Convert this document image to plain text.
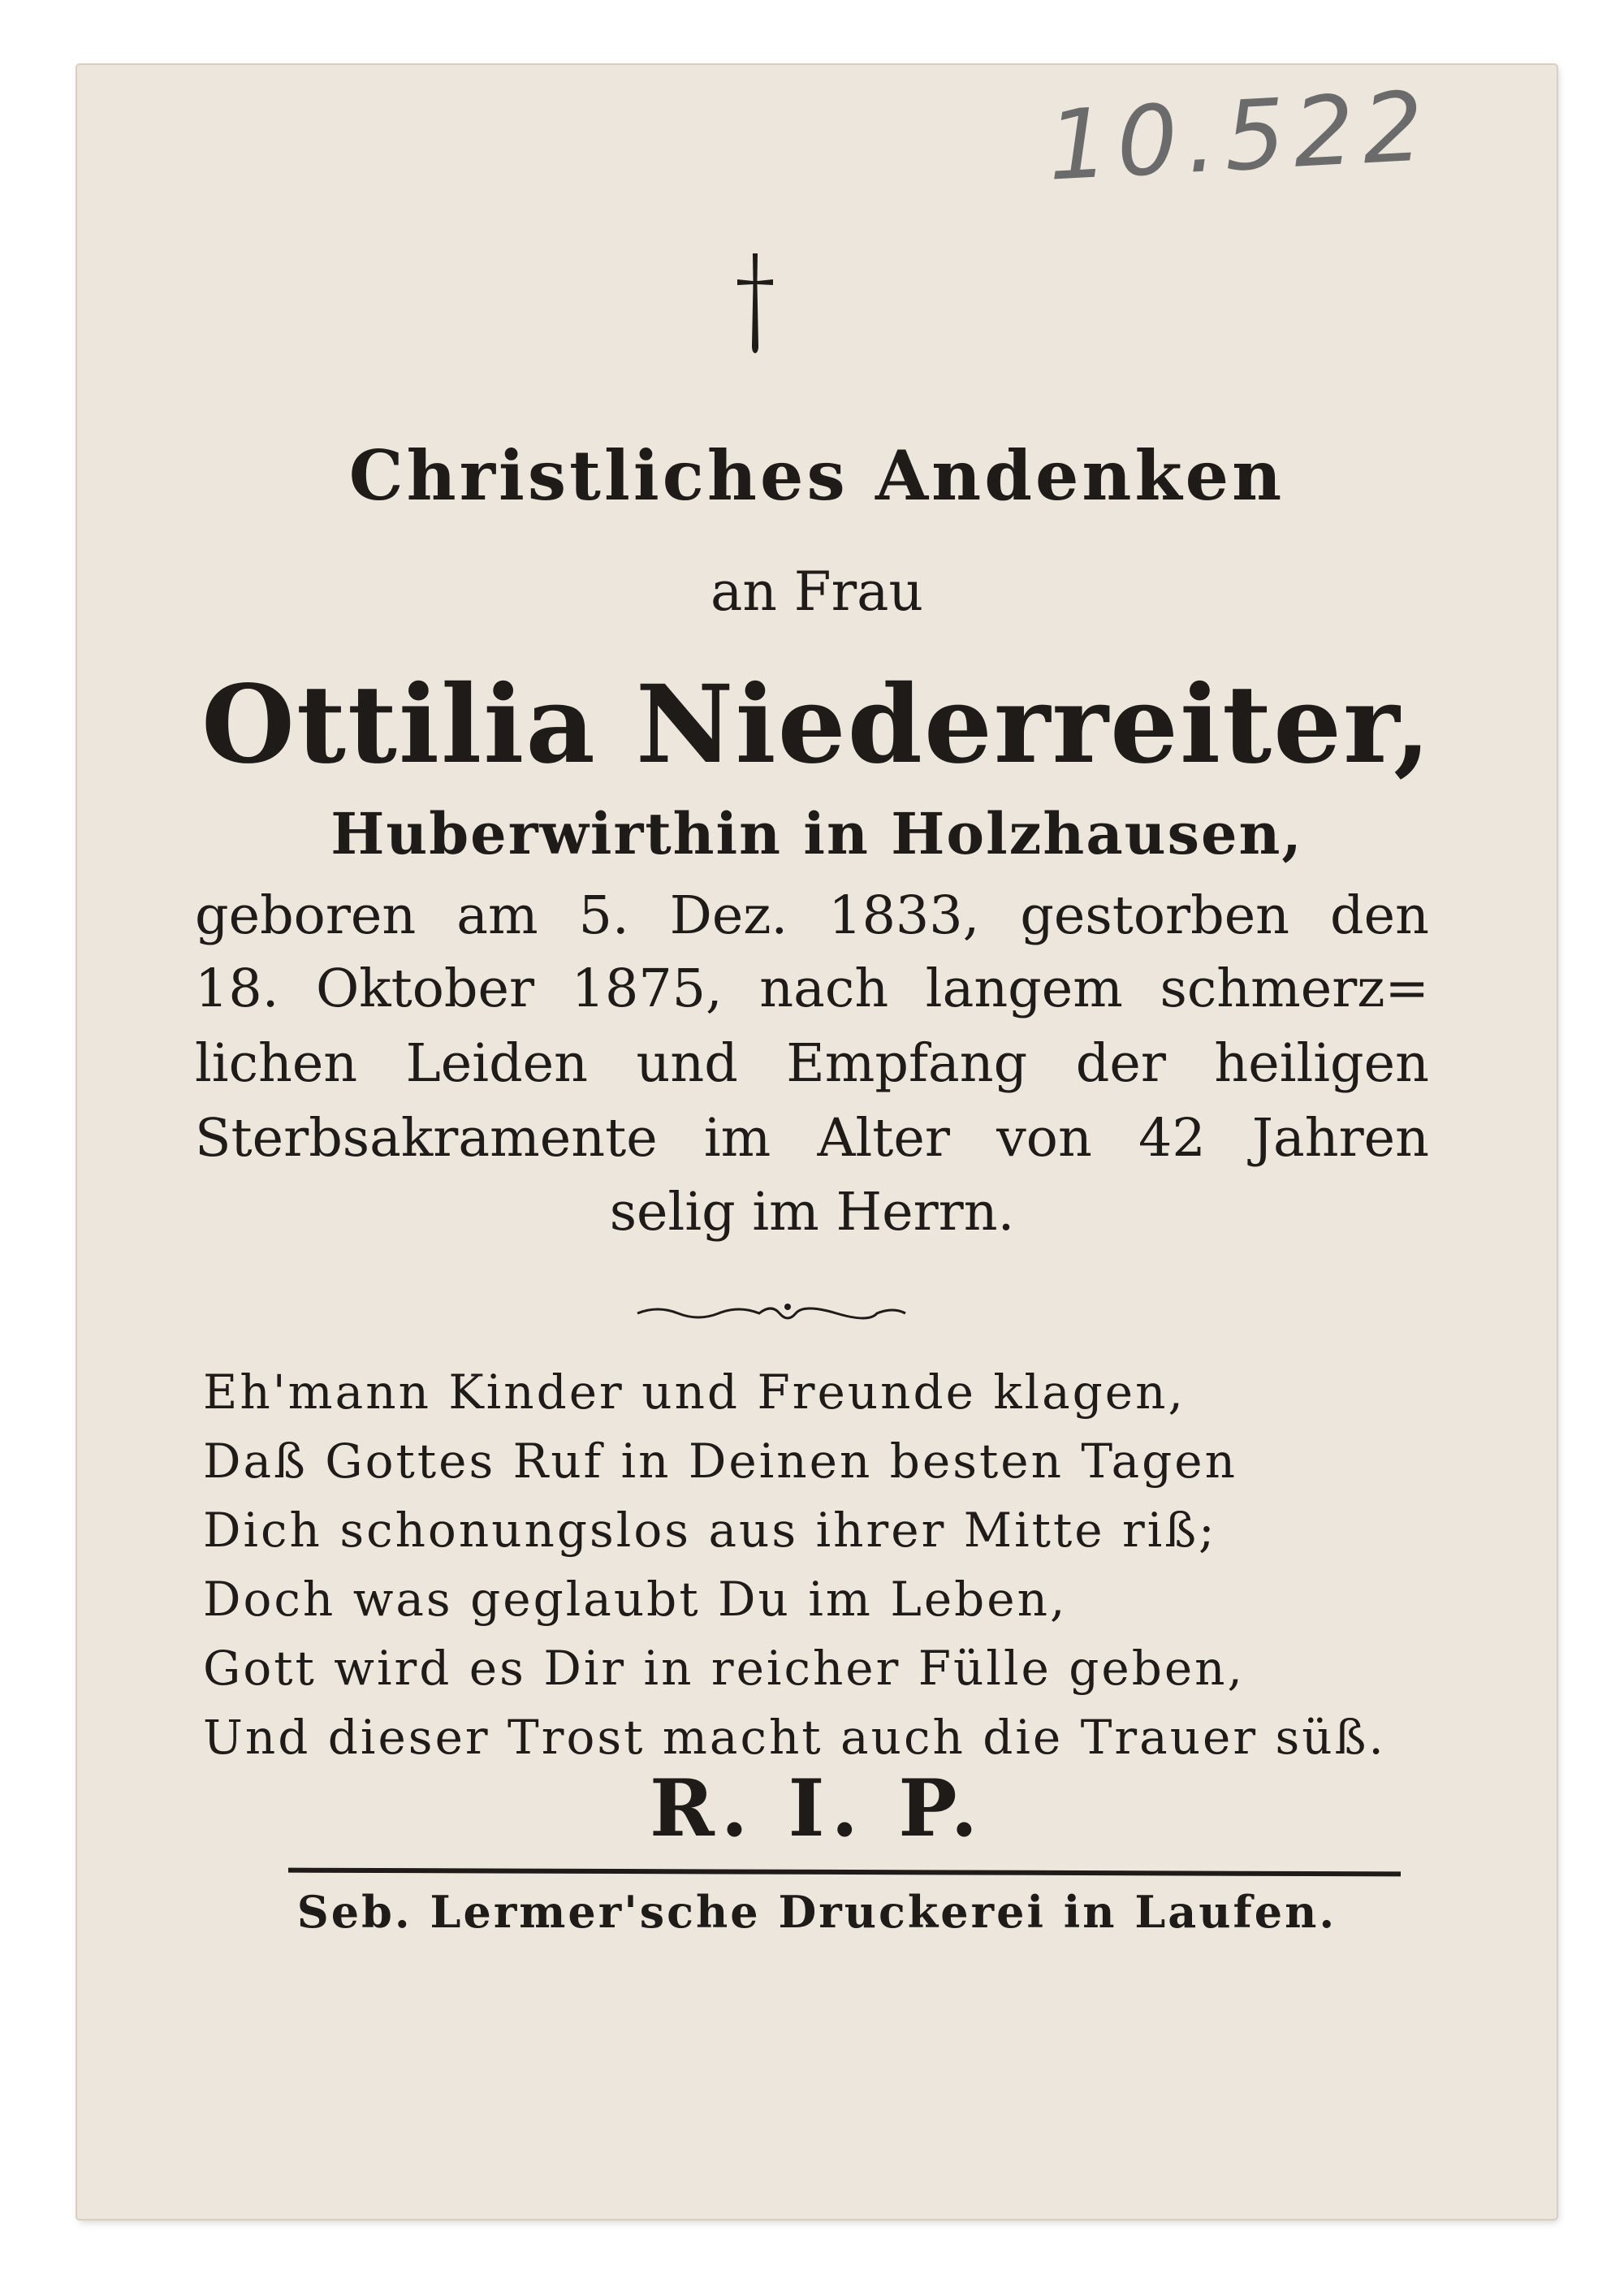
10.522
Christliches Andenken
an Frau
Ottilia Niederreiter,
Huberwirthin in Holzhausen,
geboren am 5. Dez. 1833, gestorben den
18. Oktober 1875, nach langem schmerz=
lichen Leiden und Empfang der heiligen
Sterbsakramente im Alter von 42 Jahren
selig im Herrn.
Eh'mann Kinder und Freunde klagen,
Daß Gottes Ruf in Deinen besten Tagen
Dich schonungslos aus ihrer Mitte riß;
Doch was geglaubt Du im Leben,
Gott wird es Dir in reicher Fülle geben,
Und dieser Trost macht auch die Trauer süß.
R. I. P.
Seb. Lermer'sche Druckerei in Laufen.
